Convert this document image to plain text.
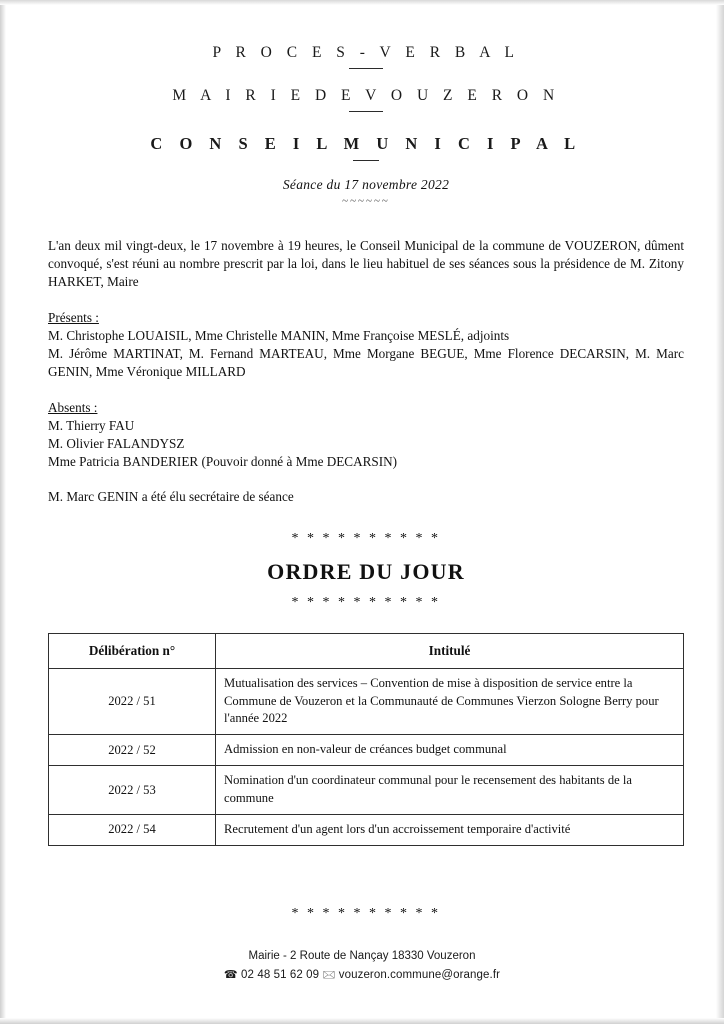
P R O C E S - V E R B A L
M A I R I E D E V O U Z E R O N
C O N S E I L M U N I C I P A L
Séance du 17 novembre 2022
~~~~~~
L'an deux mil vingt-deux, le 17 novembre à 19 heures, le Conseil Municipal de la commune de VOUZERON, dûment convoqué, s'est réuni au nombre prescrit par la loi, dans le lieu habituel de ses séances sous la présidence de M. Zitony HARKET, Maire
Présents :
M. Christophe LOUAISIL, Mme Christelle MANIN, Mme Françoise MESLÉ, adjoints
M. Jérôme MARTINAT, M. Fernand MARTEAU, Mme Morgane BEGUE, Mme Florence DECARSIN, M. Marc GENIN, Mme Véronique MILLARD
Absents :
M. Thierry FAU
M. Olivier FALANDYSZ
Mme Patricia BANDERIER (Pouvoir donné à Mme DECARSIN)
M. Marc GENIN a été élu secrétaire de séance
* * * * * * * * * *
ORDRE DU JOUR
* * * * * * * * * *
Délibération n°	Intitulé
2022 / 51	Mutualisation des services – Convention de mise à disposition de service entre la Commune de Vouzeron et la Communauté de Communes Vierzon Sologne Berry pour l'année 2022
2022 / 52	Admission en non-valeur de créances budget communal
2022 / 53	Nomination d'un coordinateur communal pour le recensement des habitants de la commune
2022 / 54	Recrutement d'un agent lors d'un accroissement temporaire d'activité
* * * * * * * * * *
Mairie - 2 Route de Nançay 18330 Vouzeron
☎ 02 48 51 62 09 🖂 vouzeron.commune@orange.fr
